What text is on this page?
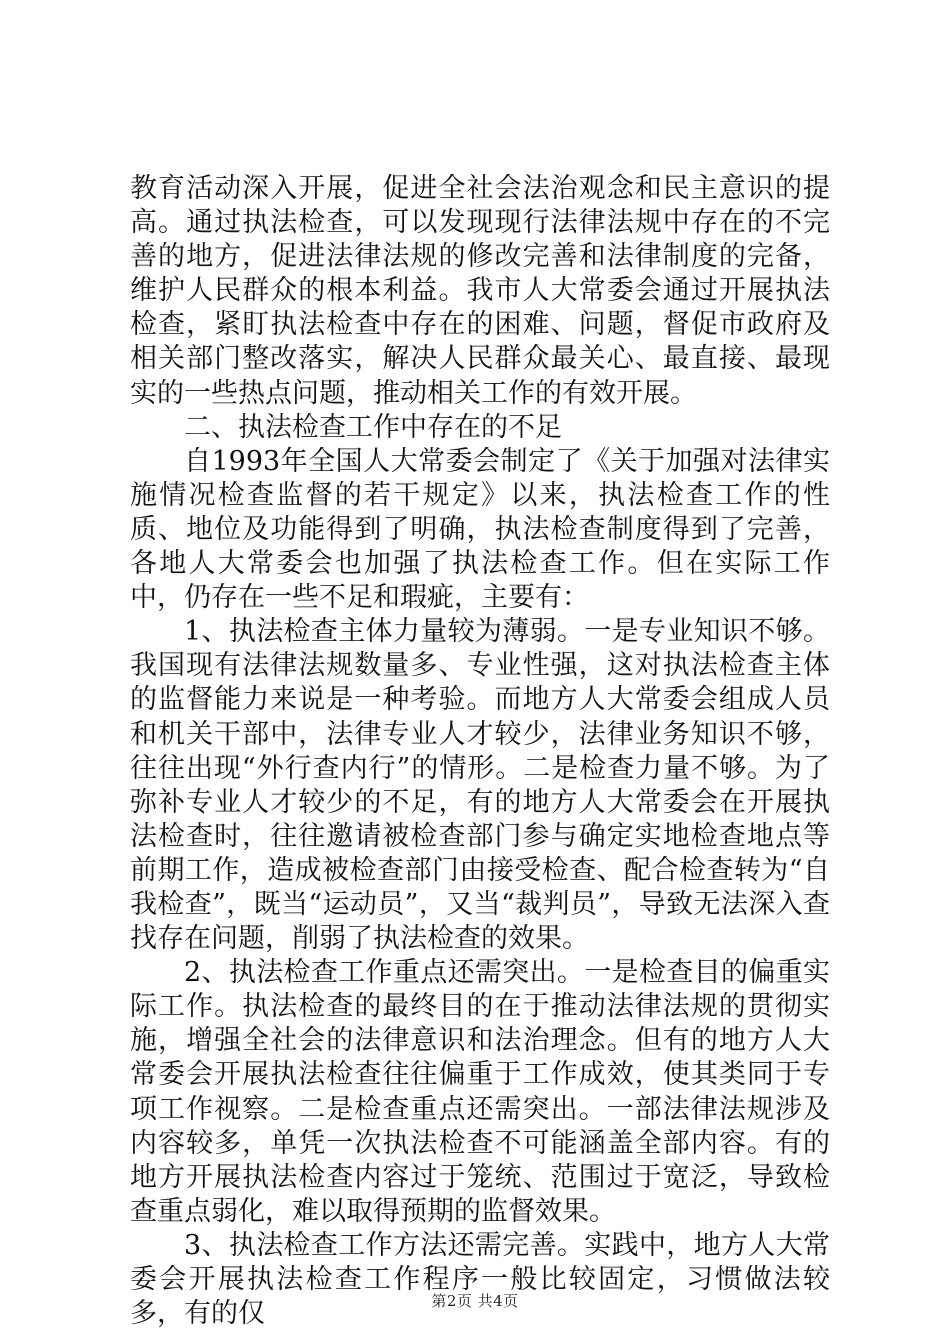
教育活动深入开展，促进全社会法治观念和民主意识的提高。通过执法检查，可以发现现行法律法规中存在的不完善的地方，促进法律法规的修改完善和法律制度的完备，维护人民群众的根本利益。我市人大常委会通过开展执法检查，紧盯执法检查中存在的困难、问题，督促市政府及相关部门整改落实，解决人民群众最关心、最直接、最现实的一些热点问题，推动相关工作的有效开展。

二、执法检查工作中存在的不足

自1993年全国人大常委会制定了《关于加强对法律实施情况检查监督的若干规定》以来，执法检查工作的性质、地位及功能得到了明确，执法检查制度得到了完善，各地人大常委会也加强了执法检查工作。但在实际工作中，仍存在一些不足和瑕疵，主要有：

1、执法检查主体力量较为薄弱。一是专业知识不够。我国现有法律法规数量多、专业性强，这对执法检查主体的监督能力来说是一种考验。而地方人大常委会组成人员和机关干部中，法律专业人才较少，法律业务知识不够，往往出现“外行查内行”的情形。二是检查力量不够。为了弥补专业人才较少的不足，有的地方人大常委会在开展执法检查时，往往邀请被检查部门参与确定实地检查地点等前期工作，造成被检查部门由接受检查、配合检查转为“自我检查”，既当“运动员”，又当“裁判员”，导致无法深入查找存在问题，削弱了执法检查的效果。

2、执法检查工作重点还需突出。一是检查目的偏重实际工作。执法检查的最终目的在于推动法律法规的贯彻实施，增强全社会的法律意识和法治理念。但有的地方人大常委会开展执法检查往往偏重于工作成效，使其类同于专项工作视察。二是检查重点还需突出。一部法律法规涉及内容较多，单凭一次执法检查不可能涵盖全部内容。有的地方开展执法检查内容过于笼统、范围过于宽泛，导致检查重点弱化，难以取得预期的监督效果。

3、执法检查工作方法还需完善。实践中，地方人大常委会开展执法检查工作程序一般比较固定，习惯做法较多，有的仅	第2页 共4页
